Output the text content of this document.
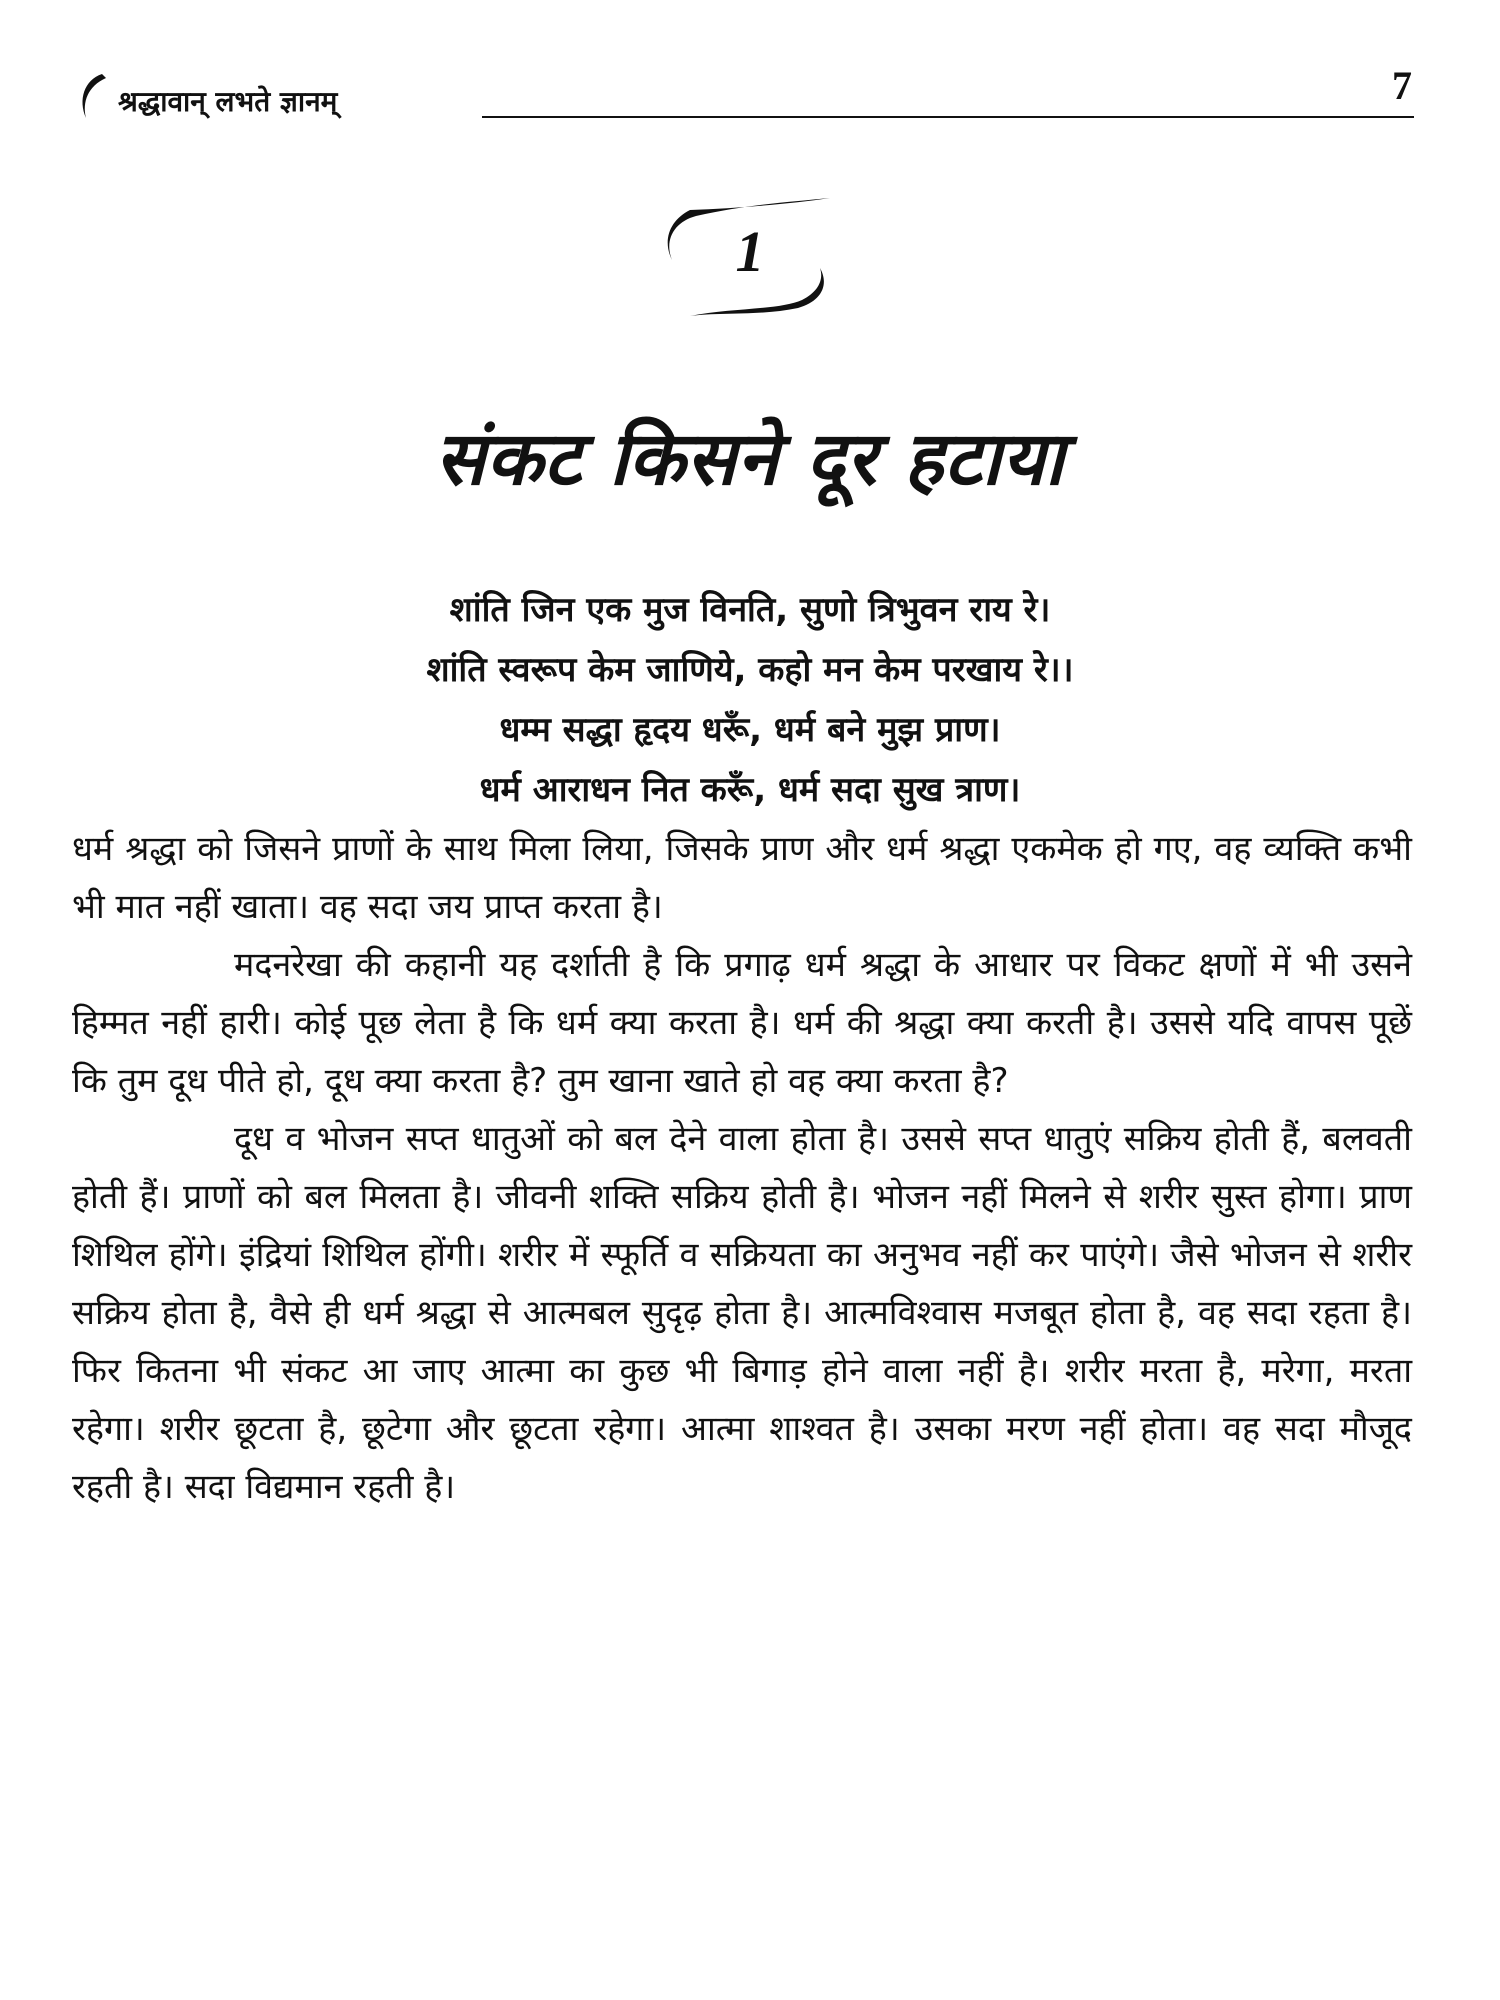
श्रद्धावान् लभते ज्ञानम्	7
1
संकट किसने दूर हटाया
शांति जिन एक मुज विनति, सुणो त्रिभुवन राय रे।
शांति स्वरूप केम जाणिये, कहो मन केम परखाय रे।।
धम्म सद्धा हृदय धरूँ, धर्म बने मुझ प्राण।
धर्म आराधन नित करूँ, धर्म सदा सुख त्राण।

धर्म श्रद्धा को जिसने प्राणों के साथ मिला लिया, जिसके प्राण और धर्म श्रद्धा एकमेक हो गए, वह व्यक्ति कभी भी मात नहीं खाता। वह सदा जय प्राप्त करता है।

मदनरेखा की कहानी यह दर्शाती है कि प्रगाढ़ धर्म श्रद्धा के आधार पर विकट क्षणों में भी उसने हिम्मत नहीं हारी। कोई पूछ लेता है कि धर्म क्या करता है। धर्म की श्रद्धा क्या करती है। उससे यदि वापस पूछें कि तुम दूध पीते हो, दूध क्या करता है? तुम खाना खाते हो वह क्या करता है?

दूध व भोजन सप्त धातुओं को बल देने वाला होता है। उससे सप्त धातुएं सक्रिय होती हैं, बलवती होती हैं। प्राणों को बल मिलता है। जीवनी शक्ति सक्रिय होती है। भोजन नहीं मिलने से शरीर सुस्त होगा। प्राण शिथिल होंगे। इंद्रियां शिथिल होंगी। शरीर में स्फूर्ति व सक्रियता का अनुभव नहीं कर पाएंगे। जैसे भोजन से शरीर सक्रिय होता है, वैसे ही धर्म श्रद्धा से आत्मबल सुदृढ़ होता है। आत्मविश्वास मजबूत होता है, वह सदा रहता है। फिर कितना भी संकट आ जाए आत्मा का कुछ भी बिगाड़ होने वाला नहीं है। शरीर मरता है, मरेगा, मरता रहेगा। शरीर छूटता है, छूटेगा और छूटता रहेगा। आत्मा शाश्वत है। उसका मरण नहीं होता। वह सदा मौजूद रहती है। सदा विद्यमान रहती है।
